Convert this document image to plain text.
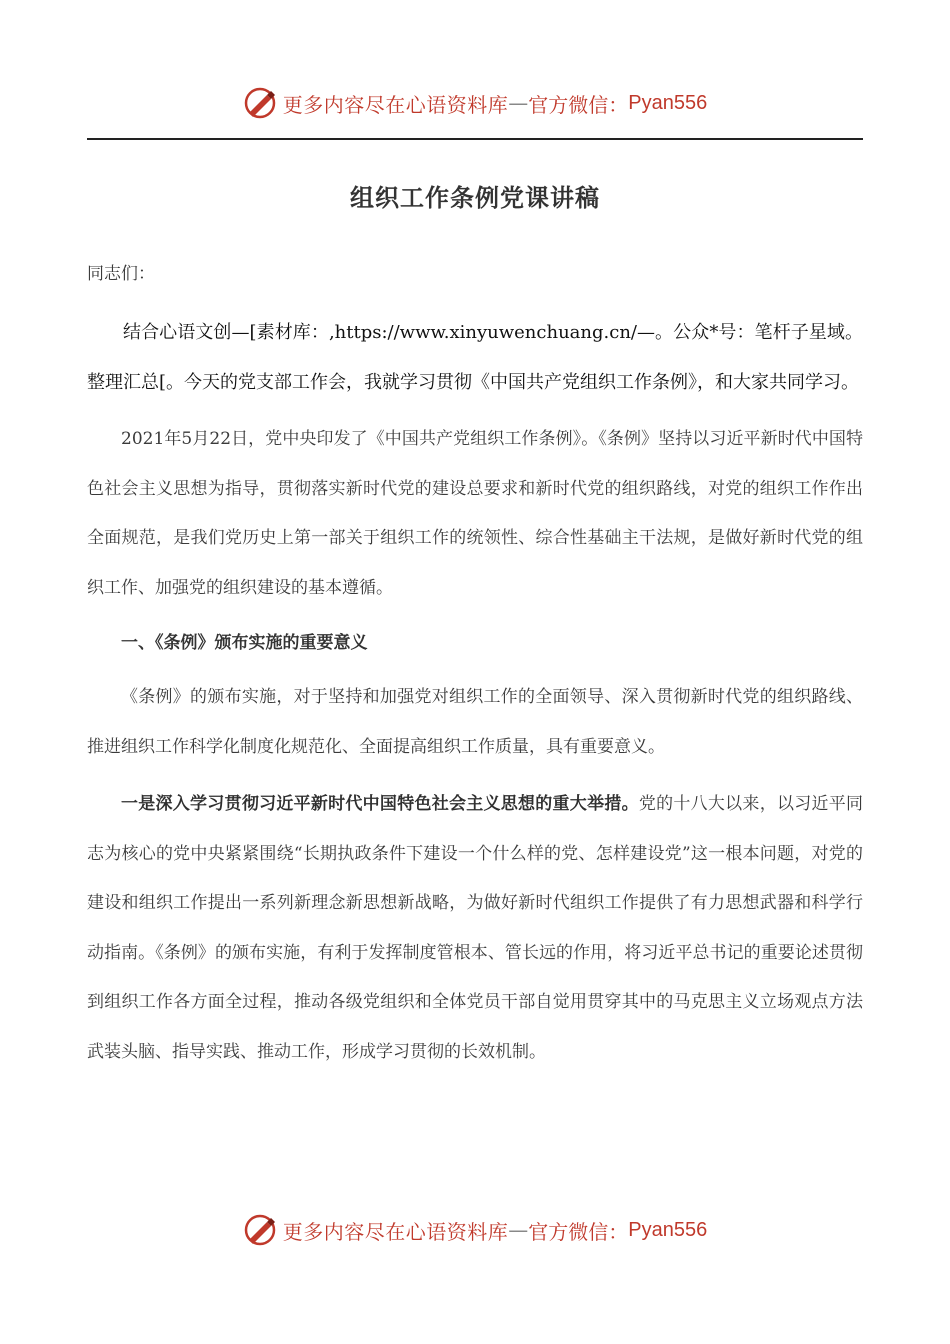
更多内容尽在心语资料库 — 官方微信： Pyan556
组织工作条例党课讲稿

同志们：

结合心语文创—[素材库：,https://www.xinyuwenchuang.cn/—。公众*号：笔杆子星域。整理汇总[。今天的党支部工作会，我就学习贯彻《中国共产党组织工作条例》，和大家共同学习。

2021年5月22日，党中央印发了《中国共产党组织工作条例》。《条例》坚持以习近平新时代中国特色社会主义思想为指导，贯彻落实新时代党的建设总要求和新时代党的组织路线，对党的组织工作作出全面规范，是我们党历史上第一部关于组织工作的统领性、综合性基础主干法规，是做好新时代党的组织工作、加强党的组织建设的基本遵循。

一、《条例》颁布实施的重要意义

《条例》的颁布实施，对于坚持和加强党对组织工作的全面领导、深入贯彻新时代党的组织路线、推进组织工作科学化制度化规范化、全面提高组织工作质量，具有重要意义。

一是深入学习贯彻习近平新时代中国特色社会主义思想的重大举措。党的十八大以来，以习近平同志为核心的党中央紧紧围绕“长期执政条件下建设一个什么样的党、怎样建设党”这一根本问题，对党的建设和组织工作提出一系列新理念新思想新战略，为做好新时代组织工作提供了有力思想武器和科学行动指南。《条例》的颁布实施，有利于发挥制度管根本、管长远的作用，将习近平总书记的重要论述贯彻到组织工作各方面全过程，推动各级党组织和全体党员干部自觉用贯穿其中的马克思主义立场观点方法武装头脑、指导实践、推动工作，形成学习贯彻的长效机制。

更多内容尽在心语资料库 — 官方微信： Pyan556
